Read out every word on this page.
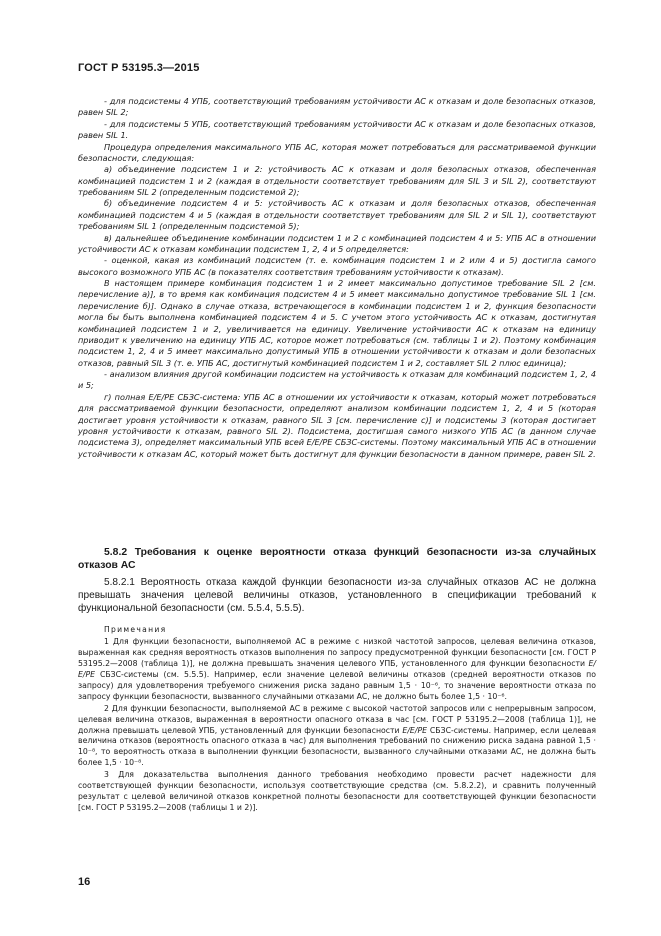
ГОСТ Р 53195.3—2015

- для подсистемы 4 УПБ, соответствующий требованиям устойчивости АС к отказам и доле безопасных отказов, равен SIL 2;

- для подсистемы 5 УПБ, соответствующий требованиям устойчивости АС к отказам и доле безопасных отказов, равен SIL 1.

Процедура определения максимального УПБ АС, которая может потребоваться для рассматриваемой функции безопасности, следующая:

а) объединение подсистем 1 и 2: устойчивость АС к отказам и доля безопасных отказов, обеспеченная комбинацией подсистем 1 и 2 (каждая в отдельности соответствует требованиям для SIL 3 и SIL 2), соответствуют требованиям SIL 2 (определенным подсистемой 2);

б) объединение подсистем 4 и 5: устойчивость АС к отказам и доля безопасных отказов, обеспеченная комбинацией подсистем 4 и 5 (каждая в отдельности соответствует требованиям для SIL 2 и SIL 1), соответствуют требованиям SIL 1 (определенным подсистемой 5);

в) дальнейшее объединение комбинации подсистем 1 и 2 с комбинацией подсистем 4 и 5: УПБ АС в отношении устойчивости АС к отказам комбинации подсистем 1, 2, 4 и 5 определяется:

- оценкой, какая из комбинаций подсистем (т. е. комбинация подсистем 1 и 2 или 4 и 5) достигла самого высокого возможного УПБ АС (в показателях соответствия требованиям устойчивости к отказам).

В настоящем примере комбинация подсистем 1 и 2 имеет максимально допустимое требование SIL 2 [см. перечисление а)], в то время как комбинация подсистем 4 и 5 имеет максимально допустимое требование SIL 1 [см. перечисление б)]. Однако в случае отказа, встречающегося в комбинации подсистем 1 и 2, функция безопасности могла бы быть выполнена комбинацией подсистем 4 и 5. С учетом этого устойчивость АС к отказам, достигнутая комбинацией подсистем 1 и 2, увеличивается на единицу. Увеличение устойчивости АС к отказам на единицу приводит к увеличению на единицу УПБ АС, которое может потребоваться (см. таблицы 1 и 2). Поэтому комбинация подсистем 1, 2, 4 и 5 имеет максимально допустимый УПБ в отношении устойчивости к отказам и доли безопасных отказов, равный SIL 3 (т. е. УПБ АС, достигнутый комбинацией подсистем 1 и 2, составляет SIL 2 плюс единица);

- анализом влияния другой комбинации подсистем на устойчивость к отказам для комбинаций подсистем 1, 2, 4 и 5;

г) полная Е/Е/PE СБЗС-система: УПБ АС в отношении их устойчивости к отказам, который может потребоваться для рассматриваемой функции безопасности, определяют анализом комбинации подсистем 1, 2, 4 и 5 (которая достигает уровня устойчивости к отказам, равного SIL 3 [см. перечисление с)] и подсистемы 3 (которая достигает уровня устойчивости к отказам, равного SIL 2). Подсистема, достигшая самого низкого УПБ АС (в данном случае подсистема 3), определяет максимальный УПБ всей Е/Е/PE СБЗС-системы. Поэтому максимальный УПБ АС в отношении устойчивости к отказам АС, который может быть достигнут для функции безопасности в данном примере, равен SIL 2.

5.8.2 Требования к оценке вероятности отказа функций безопасности из-за случайных отказов АС

5.8.2.1 Вероятность отказа каждой функции безопасности из-за случайных отказов АС не должна превышать значения целевой величины отказов, установленного в спецификации требований к функциональной безопасности (см. 5.5.4, 5.5.5).

Примечания

1 Для функции безопасности, выполняемой АС в режиме с низкой частотой запросов, целевая величина отказов, выраженная как средняя вероятность отказов выполнения по запросу предусмотренной функции безопасности [см. ГОСТ Р 53195.2—2008 (таблица 1)], не должна превышать значения целевого УПБ, установленного для функции безопасности Е/Е/PE СБЗС-системы (см. 5.5.5). Например, если значение целевой величины отказов (средней вероятности отказов по запросу) для удовлетворения требуемого снижения риска задано равным 1,5 · 10⁻⁶, то значение вероятности отказа по запросу функции безопасности, вызванного случайными отказами АС, не должно быть более 1,5 · 10⁻⁶.

2 Для функции безопасности, выполняемой АС в режиме с высокой частотой запросов или с непрерывным запросом, целевая величина отказов, выраженная в вероятности опасного отказа в час [см. ГОСТ Р 53195.2—2008 (таблица 1)], не должна превышать целевой УПБ, установленный для функции безопасности Е/Е/PE СБЗС-системы. Например, если целевая величина отказов (вероятность опасного отказа в час) для выполнения требований по снижению риска задана равной 1,5 · 10⁻⁸, то вероятность отказа в выполнении функции безопасности, вызванного случайными отказами АС, не должна быть более 1,5 · 10⁻⁸.

3 Для доказательства выполнения данного требования необходимо провести расчет надежности для соответствующей функции безопасности, используя соответствующие средства (см. 5.8.2.2), и сравнить полученный результат с целевой величиной отказов конкретной полноты безопасности для соответствующей функции безопасности [см. ГОСТ Р 53195.2—2008 (таблицы 1 и 2)].

16
